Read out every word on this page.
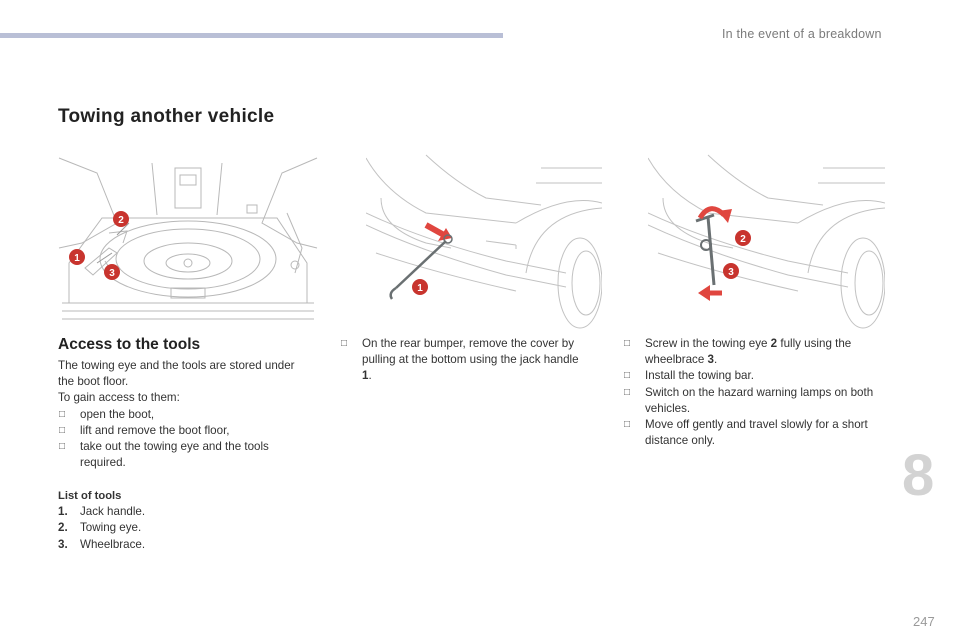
In the event of a breakdown
Towing another vehicle
2
1
3
1
2
3
Access to the tools

The towing eye and the tools are stored under the boot floor.

To gain access to them:

□ open the boot,
□ lift and remove the boot floor,
□ take out the towing eye and the tools required.

List of tools

1. Jack handle.
2. Towing eye.
3. Wheelbrace.
□ On the rear bumper, remove the cover by pulling at the bottom using the jack handle 1.
□ Screw in the towing eye 2 fully using the wheelbrace 3.
□ Install the towing bar.
□ Switch on the hazard warning lamps on both vehicles.
□ Move off gently and travel slowly for a short distance only.
8
247
